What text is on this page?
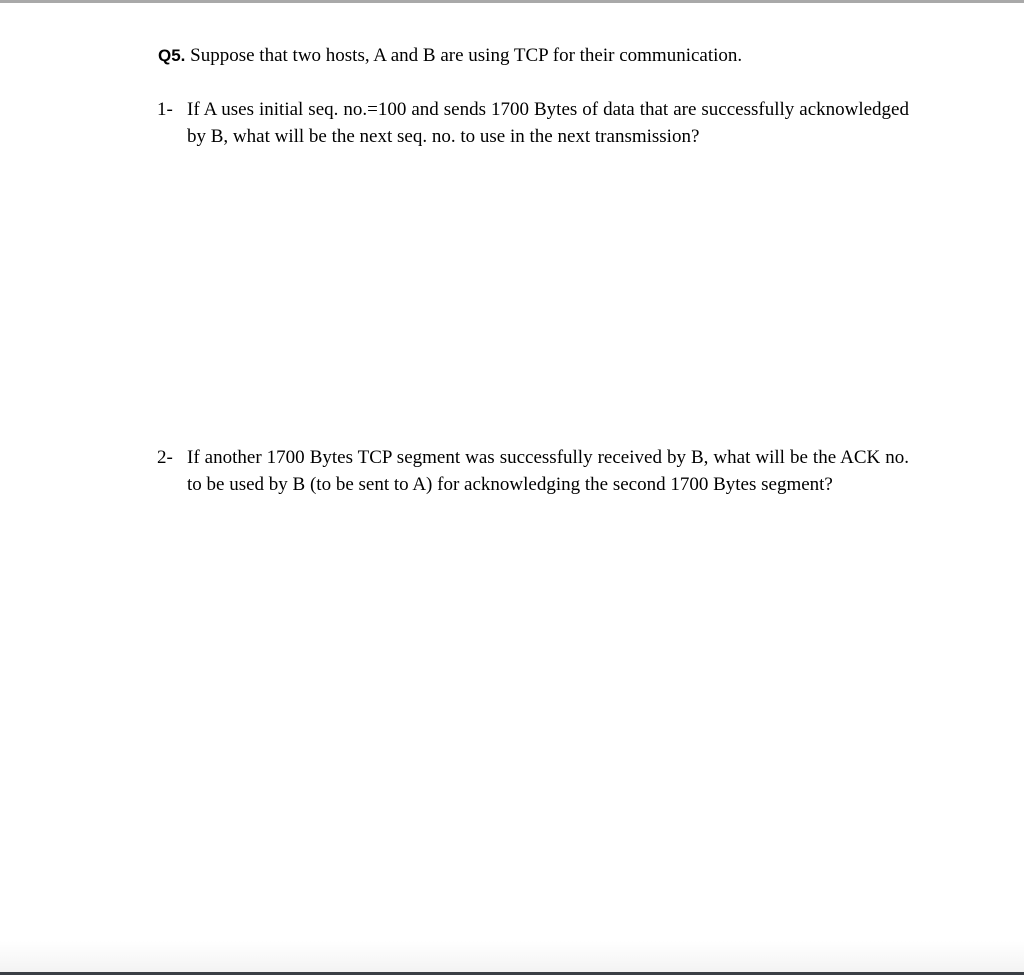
Q5. Suppose that two hosts, A and B are using TCP for their communication.
1- If A uses initial seq. no.=100 and sends 1700 Bytes of data that are successfully acknowledged by B, what will be the next seq. no. to use in the next transmission?
2- If another 1700 Bytes TCP segment was successfully received by B, what will be the ACK no. to be used by B (to be sent to A) for acknowledging the second 1700 Bytes segment?
